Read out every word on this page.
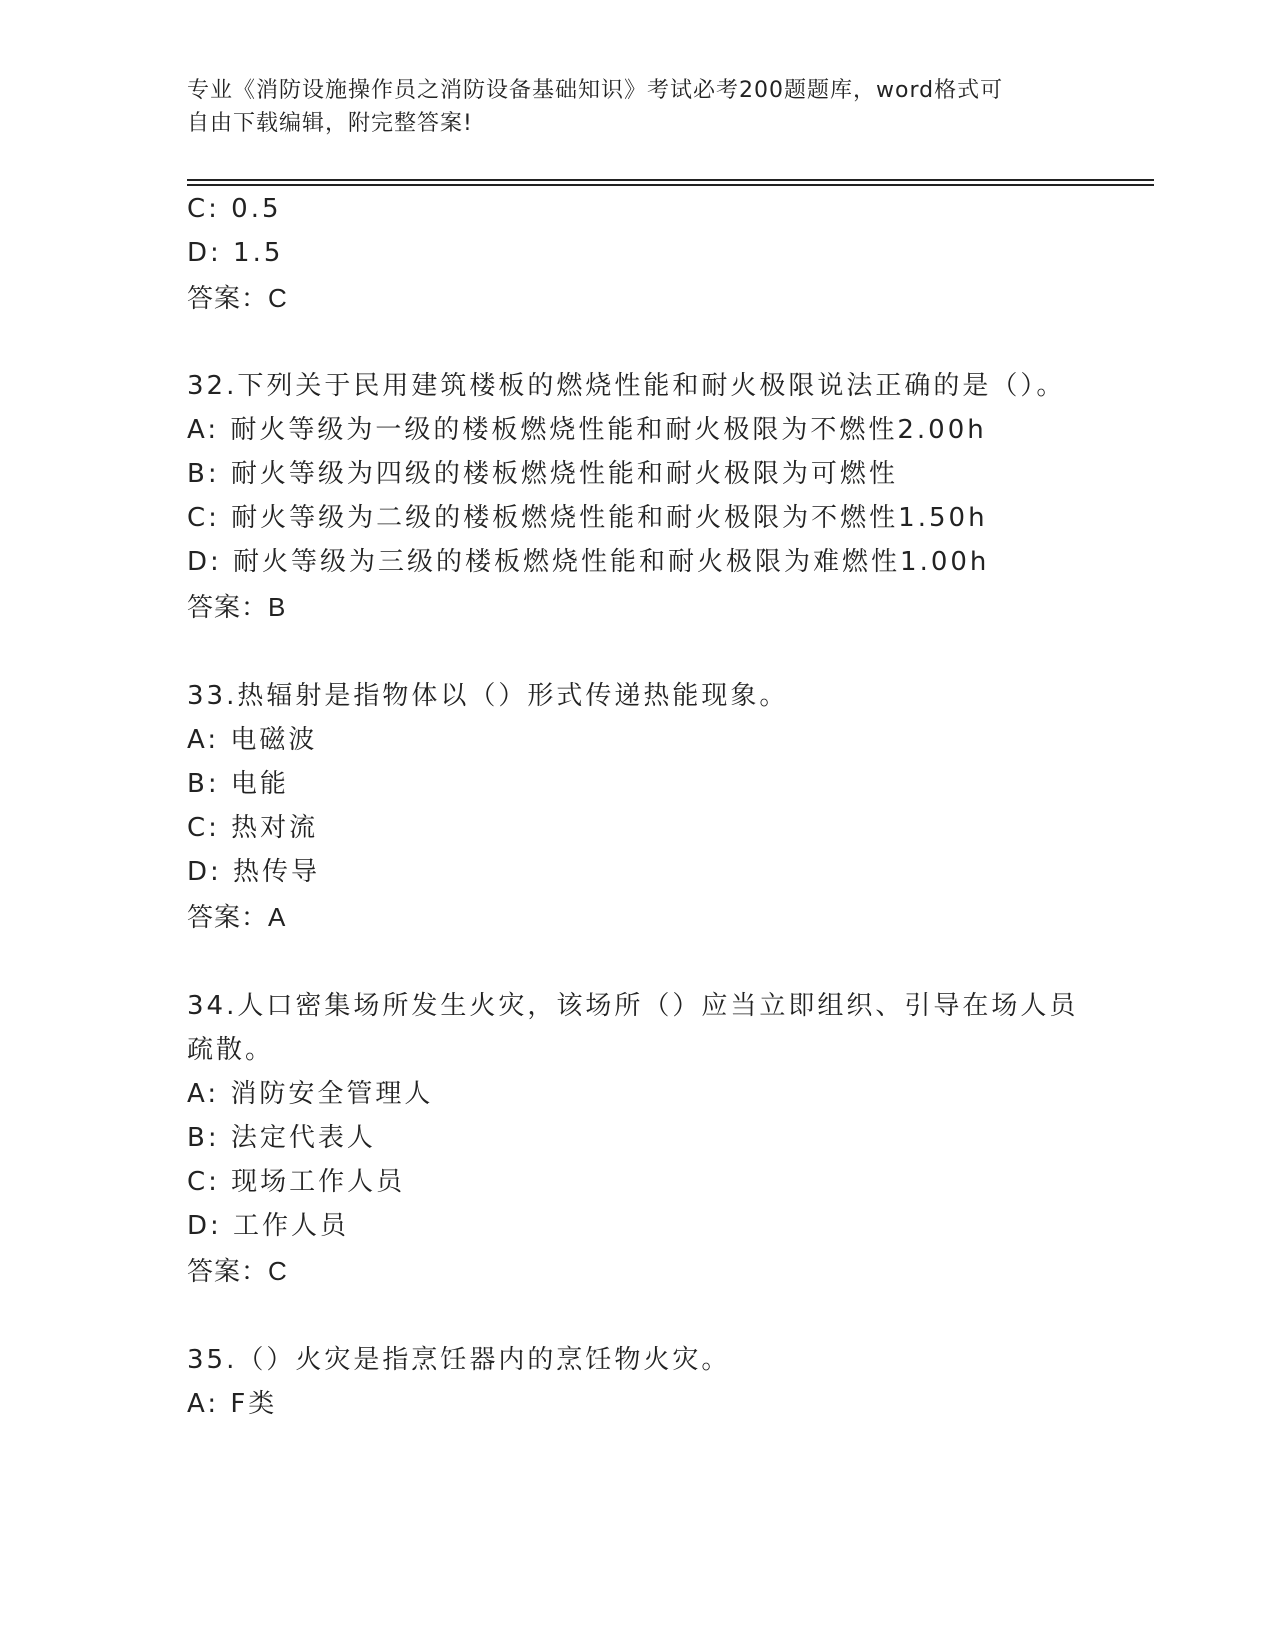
专业《消防设施操作员之消防设备基础知识》考试必考200题题库，word格式可
自由下载编辑，附完整答案!
C: 0.5
D: 1.5
答案：C
32.下列关于民用建筑楼板的燃烧性能和耐火极限说法正确的是（）。
A: 耐火等级为一级的楼板燃烧性能和耐火极限为不燃性2.00h
B: 耐火等级为四级的楼板燃烧性能和耐火极限为可燃性
C: 耐火等级为二级的楼板燃烧性能和耐火极限为不燃性1.50h
D: 耐火等级为三级的楼板燃烧性能和耐火极限为难燃性1.00h
答案：B
33.热辐射是指物体以（）形式传递热能现象。
A: 电磁波
B: 电能
C: 热对流
D: 热传导
答案：A
34.人口密集场所发生火灾，该场所（）应当立即组织、引导在场人员
疏散。
A: 消防安全管理人
B: 法定代表人
C: 现场工作人员
D: 工作人员
答案：C
35.（）火灾是指烹饪器内的烹饪物火灾。
A: F类
